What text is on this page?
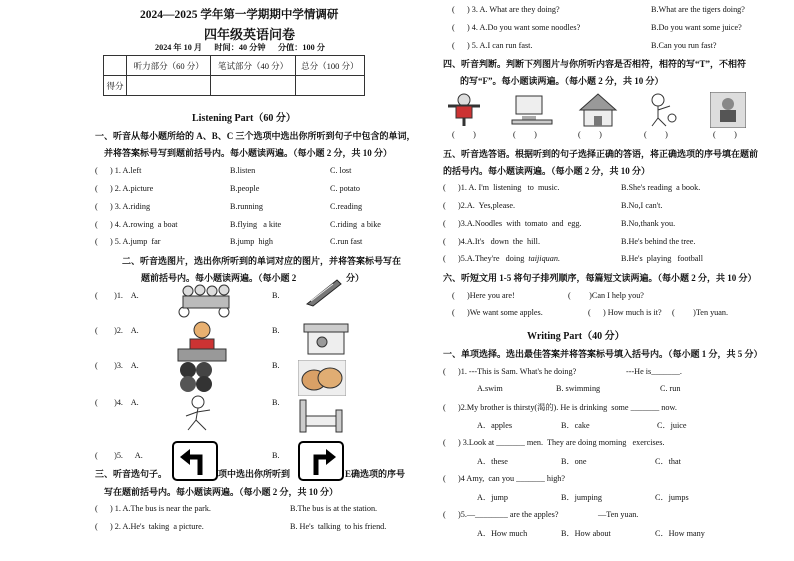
2024—2025 学年第一学期期中学情调研
四年级英语问卷
2024 年 10 月      时间：40 分钟      分值：100 分
	听力部分（60 分）	笔试部分（40 分）	总分（100 分）
得分			
Listening Part（60 分）
一、听音从每小题所给的 A、B、C 三个选项中选出你所听到句子中包含的单词，
并将答案标号写到题前括号内。每小题读两遍。（每小题 2 分，共 10 分）
(      ) 1. A.left	B.listen	C. lost
(      ) 2. A.picture	B.people	C. potato
(      ) 3. A.riding	B.running	C.reading
(      ) 4. A.rowing  a boat	B.flying   a kite	C.riding  a bike
(      ) 5. A.jump  far	B.jump  high	C.run fast
二、听音选图片，选出你所听到的单词对应的图片，并将答案标号写在
题前括号内。每小题读两遍。（每小题 2	分）
(        )1.    A.	B.
(        )2.    A.	B.
(        )3.    A.	B.
(        )4.    A.	B.
(        )5.      A.	B.
三、听音选句子。	项中选出你所听到	E确选项的序号
写在题前括号内。每小题读两遍。（每小题 2 分，共 10 分）
(      ) 1. A.The bus is near the park.	B.The bus is at the station.
(      ) 2. A.He's  taking  a picture.	B. He's  talking  to his friend.
(      ) 3. A. What are they doing?	B.What are the tigers doing?
(      ) 4. A.Do you want some noodles?	B.Do you want some juice?
(      ) 5. A.I can run fast.	B.Can you run fast?
四、听音判断。判断下列图片与你所听内容是否相符，相符的写“T”，不相符
的写“F”。每小题读两遍。（每小题 2 分，共 10 分）
(         )	(         )	(         )	(         )	(         )
五、听音选答语。根据听到的句子选择正确的答语，将正确选项的序号填在题前
的括号内。每小题读两遍。（每小题 2 分，共 10 分）
(      )1. A. I'm  listening   to  music.	B.She's reading  a book.
(      )2.A.  Yes,please.	B.No,I can't.
(      )3.A.Noodles  with  tomato  and  egg.	B.No,thank you.
(      )4.A.It's   down  the  hill.	B.He's behind the tree.
(      )5.A.They're   doing  taijiquan.	B.He's  playing   football
六、听短文用 1-5 将句子排列顺序，每篇短文读两遍。（每小题 2 分，共 10 分）
(      )Here you are!	(         )Can I help you?
(      )We want some apples.	(      ) How much is it? (         )Ten yuan.
Writing Part（40 分）
一、单项选择。选出最佳答案并将答案标号填入括号内。（每小题 1 分，共 5 分）
(      )1. ---This is Sam. What's he doing?	---He is_______.
A.swim	B. swimming	C. run
(      )2.My brother is thirsty(渴的). He is drinking  some _______ now.
A．apples	B．cake	C．juice
(      ) 3.Look at _______ men.  They are doing morning   exercises.
A．these	B．one	C．that
(      )4 Amy,  can you _______ high?
A．jump	B．jumping	C．jumps
(      )5.—________ are the apples?	—Ten yuan.
A．How much	B．How about	C．How many
